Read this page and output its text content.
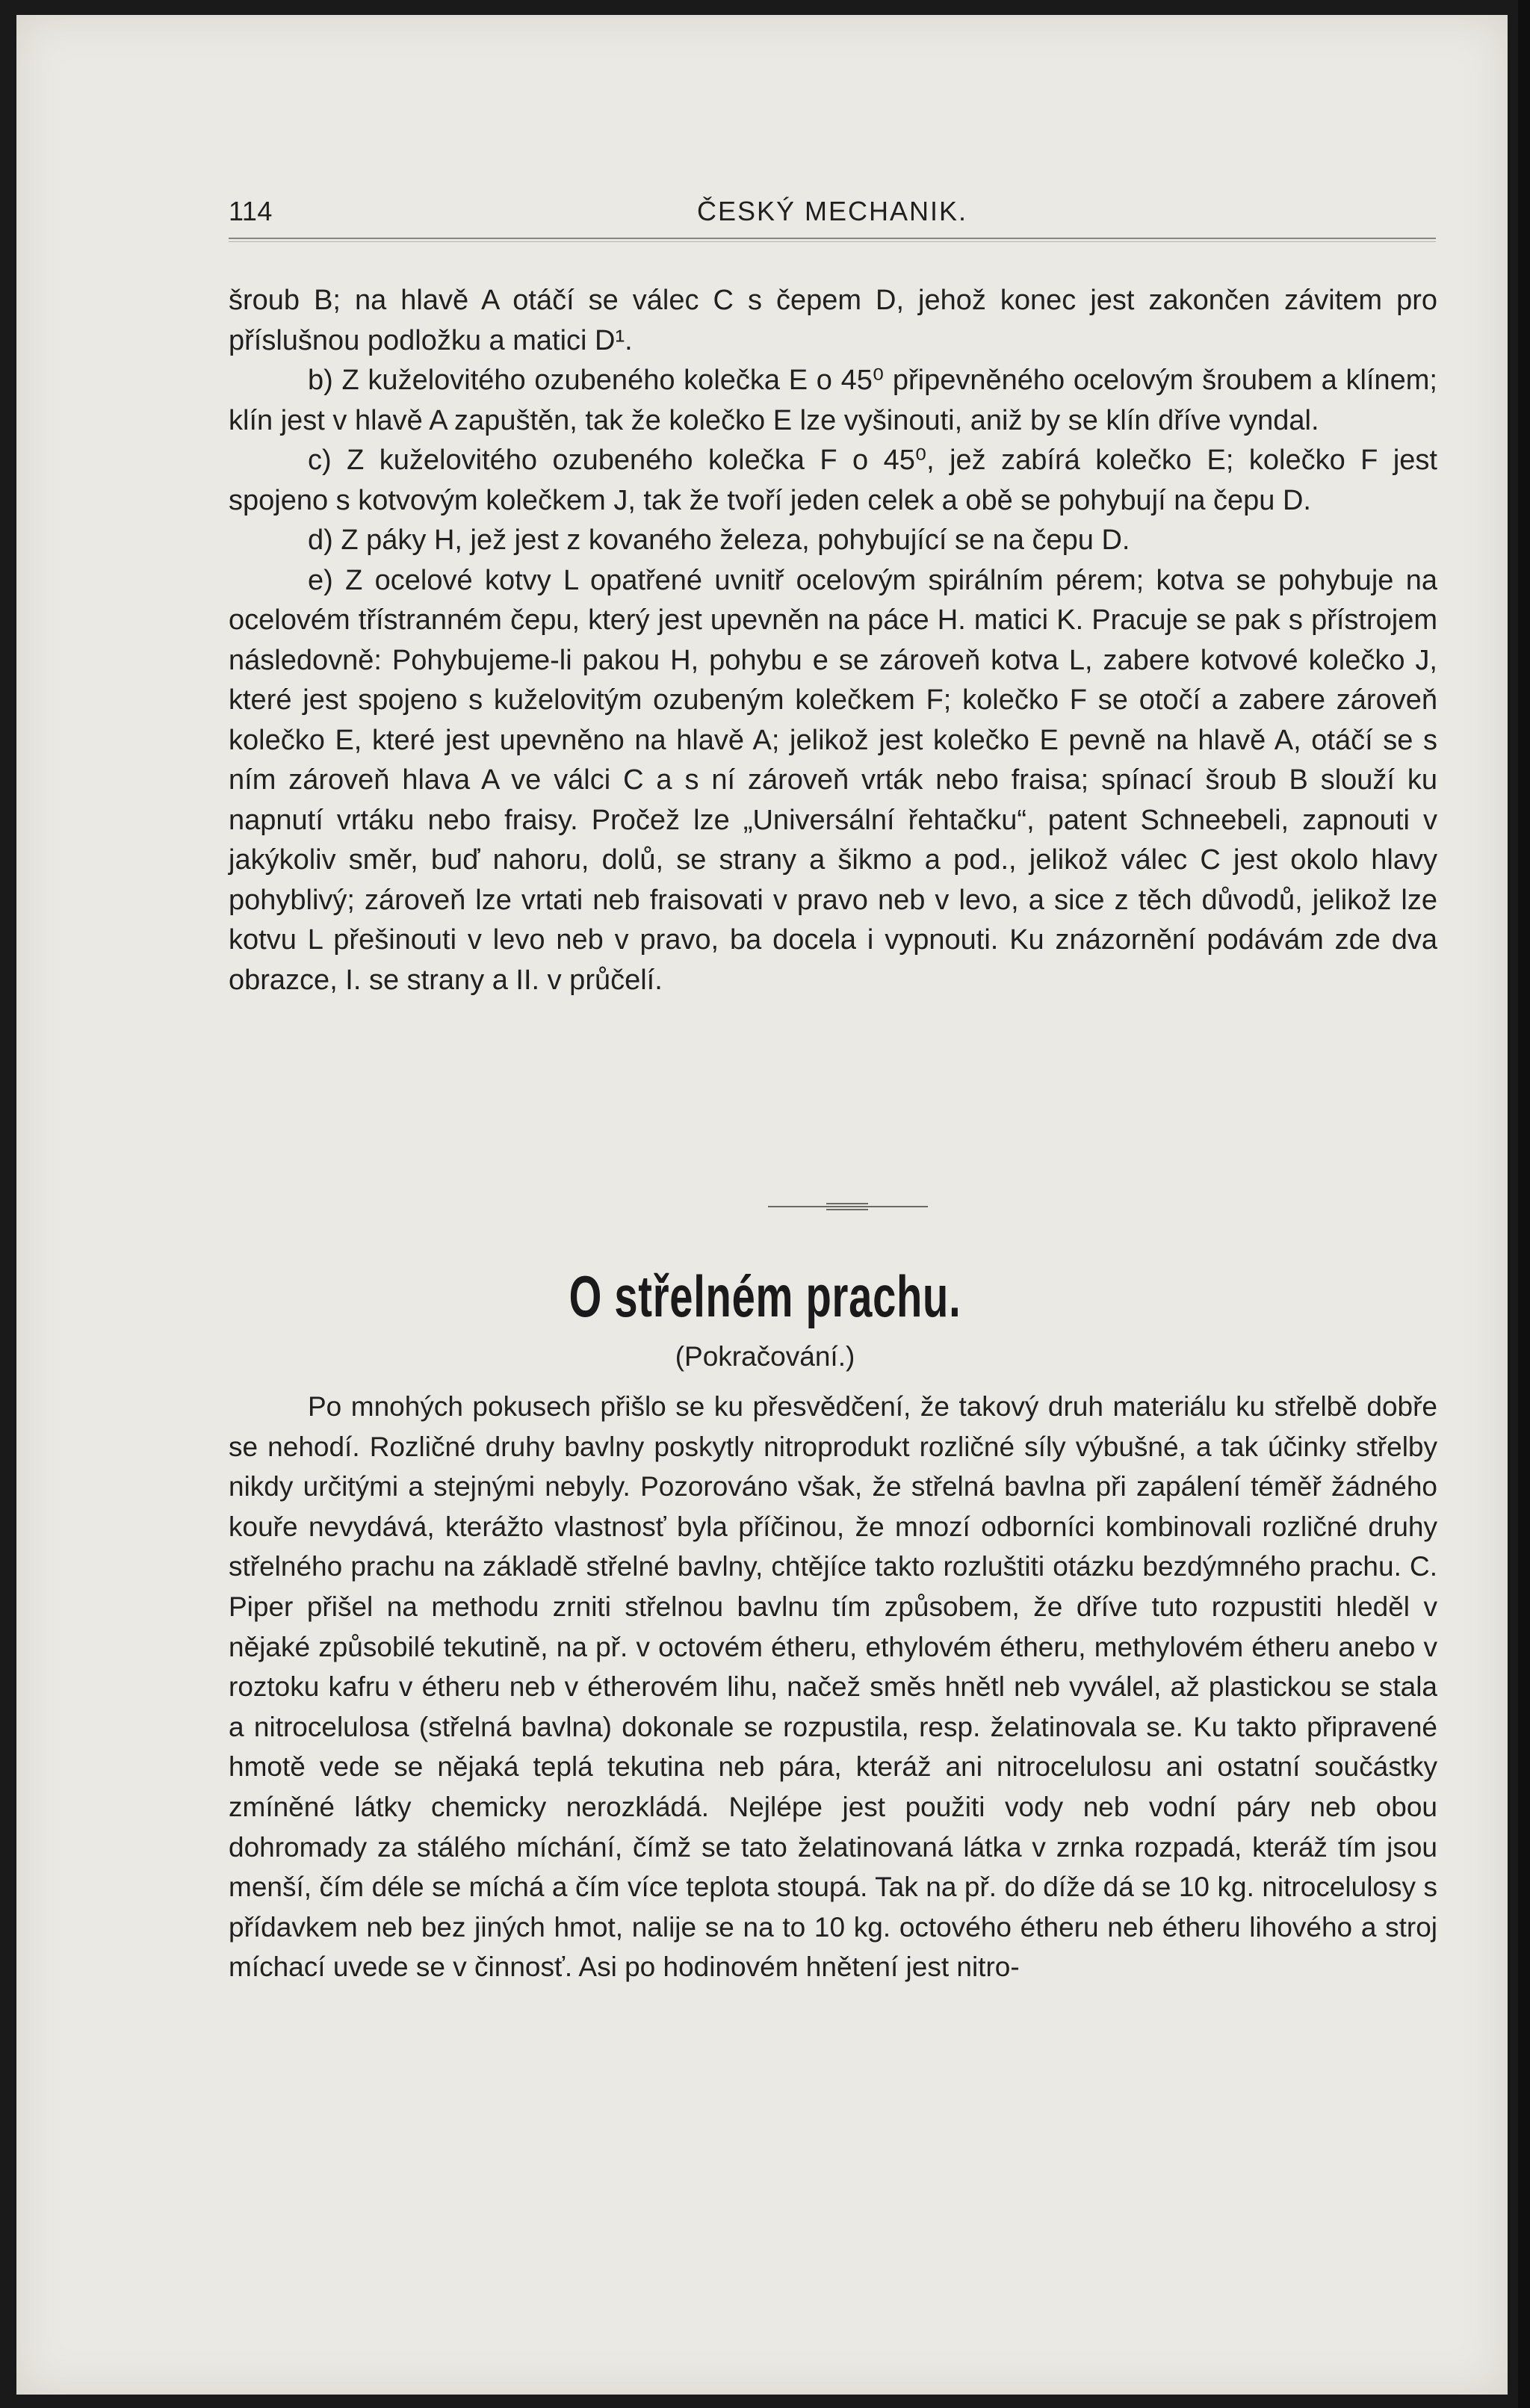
114	ČESKÝ MECHANIK.

šroub B; na hlavě A otáčí se válec C s čepem D, jehož konec jest zakončen závitem pro příslušnou podložku a matici D¹.

b) Z kuželovitého ozubeného kolečka E o 45⁰ připevněného ocelovým šroubem a klínem; klín jest v hlavě A zapuštěn, tak že kolečko E lze vyšinouti, aniž by se klín dříve vyndal.

c) Z kuželovitého ozubeného kolečka F o 45⁰, jež zabírá kolečko E; kolečko F jest spojeno s kotvovým kolečkem J, tak že tvoří jeden celek a obě se pohybují na čepu D.

d) Z páky H, jež jest z kovaného železa, pohybující se na čepu D.

e) Z ocelové kotvy L opatřené uvnitř ocelovým spirálním pérem; kotva se pohybuje na ocelovém třístranném čepu, který jest upevněn na páce H. matici K. Pracuje se pak s přístrojem následovně: Pohybujeme-li pakou H, pohybu e se zároveň kotva L, zabere kotvové kolečko J, které jest spojeno s kuželovitým ozubeným kolečkem F; kolečko F se otočí a zabere zároveň kolečko E, které jest upevněno na hlavě A; jelikož jest kolečko E pevně na hlavě A, otáčí se s ním zároveň hlava A ve válci C a s ní zároveň vrták nebo fraisa; spínací šroub B slouží ku napnutí vrtáku nebo fraisy. Pročež lze „Universální řehtačku“, patent Schneebeli, zapnouti v jakýkoliv směr, buď nahoru, dolů, se strany a šikmo a pod., jelikož válec C jest okolo hlavy pohyblivý; zároveň lze vrtati neb fraisovati v pravo neb v levo, a sice z těch důvodů, jelikož lze kotvu L přešinouti v levo neb v pravo, ba docela i vypnouti. Ku znázornění podávám zde dva obrazce, I. se strany a II. v průčelí.

O střelném prachu.
(Pokračování.)

Po mnohých pokusech přišlo se ku přesvědčení, že takový druh materiálu ku střelbě dobře se nehodí. Rozličné druhy bavlny poskytly nitroprodukt rozličné síly výbušné, a tak účinky střelby nikdy určitými a stejnými nebyly. Pozorováno však, že střelná bavlna při zapálení téměř žádného kouře nevydává, kterážto vlastnosť byla příčinou, že mnozí odborníci kombinovali rozličné druhy střelného prachu na základě střelné bavlny, chtějíce takto rozluštiti otázku bezdýmného prachu. C. Piper přišel na methodu zrniti střelnou bavlnu tím způsobem, že dříve tuto rozpustiti hleděl v nějaké způsobilé tekutině, na př. v octovém étheru, ethylovém étheru, methylovém étheru anebo v roztoku kafru v étheru neb v étherovém lihu, načež směs hnětl neb vyválel, až plastickou se stala a nitrocelulosa (střelná bavlna) dokonale se rozpustila, resp. želatinovala se. Ku takto připravené hmotě vede se nějaká teplá tekutina neb pára, kteráž ani nitrocelulosu ani ostatní součástky zmíněné látky chemicky nerozkládá. Nejlépe jest použiti vody neb vodní páry neb obou dohromady za stálého míchání, čímž se tato želatinovaná látka v zrnka rozpadá, kteráž tím jsou menší, čím déle se míchá a čím více teplota stoupá. Tak na př. do díže dá se 10 kg. nitrocelulosy s přídavkem neb bez jiných hmot, nalije se na to 10 kg. octového étheru neb étheru lihového a stroj míchací uvede se v činnosť. Asi po hodinovém hnětení jest nitro-
